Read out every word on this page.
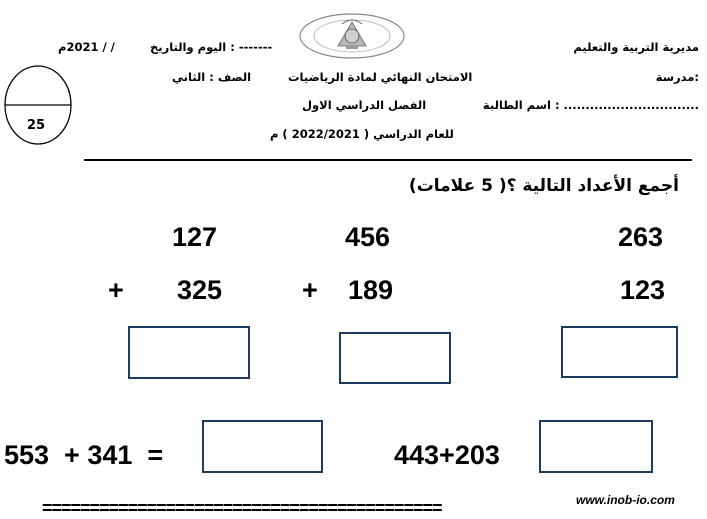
مديرية التربية والتعليم
مدرسة:
اسم الطالبة : ...............................
الامتحان النهائي لمادة الرياضيات
الفصل الدراسي الاول
للعام الدراسي ( 2022/2021 ) م
اليوم والتاريخ : -------
/ / 2021م
الصف : الثاني
25
أجمع الأعداد التالية ؟( 5 علامات)
263
123
456
+ 189
127
+ 325
443+203
553  + 341  =
==========================================	www.inob-io.com
